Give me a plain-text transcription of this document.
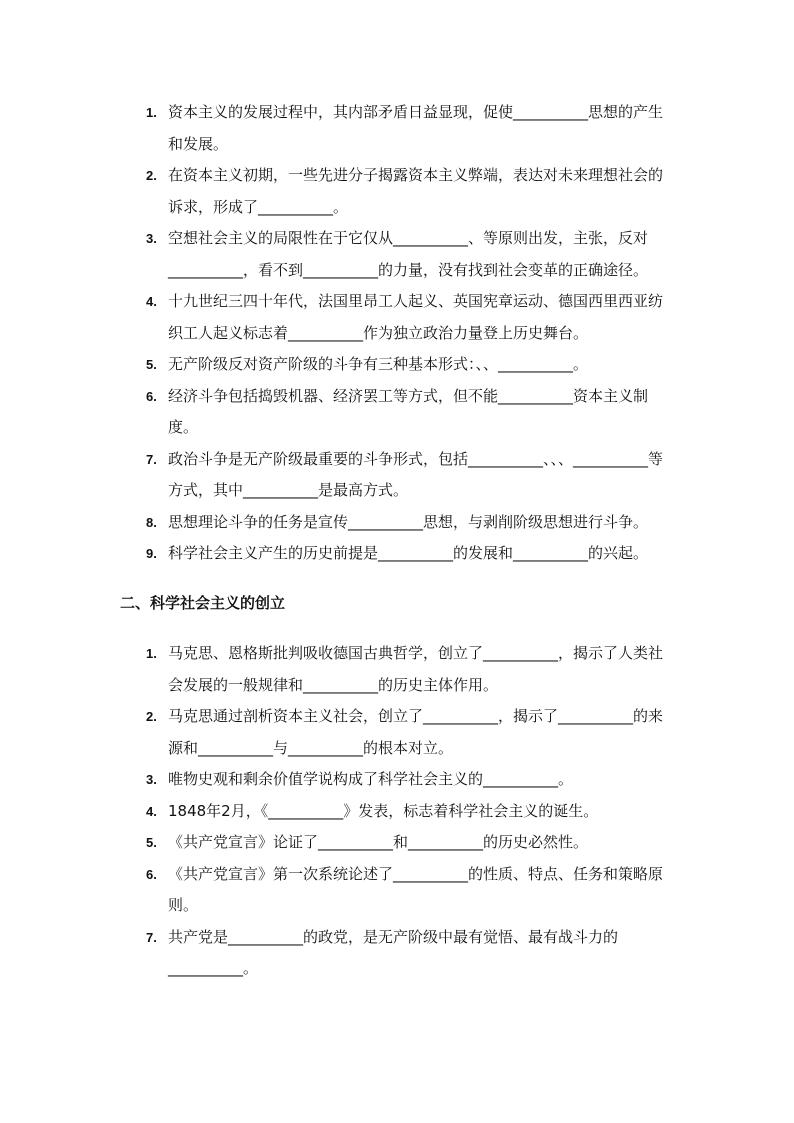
1. 资本主义的发展过程中，其内部矛盾日益显现，促使__________思想的产生和发展。
2. 在资本主义初期，一些先进分子揭露资本主义弊端，表达对未来理想社会的诉求，形成了__________。
3. 空想社会主义的局限性在于它仅从__________、等原则出发，主张，反对__________，看不到__________的力量，没有找到社会变革的正确途径。
4. 十九世纪三四十年代，法国里昂工人起义、英国宪章运动、德国西里西亚纺织工人起义标志着__________作为独立政治力量登上历史舞台。
5. 无产阶级反对资产阶级的斗争有三种基本形式：、、__________。
6. 经济斗争包括捣毁机器、经济罢工等方式，但不能__________资本主义制度。
7. 政治斗争是无产阶级最重要的斗争形式，包括__________、、、__________等方式，其中__________是最高方式。
8. 思想理论斗争的任务是宣传__________思想，与剥削阶级思想进行斗争。
9. 科学社会主义产生的历史前提是__________的发展和__________的兴起。
二、科学社会主义的创立
1. 马克思、恩格斯批判吸收德国古典哲学，创立了__________，揭示了人类社会发展的一般规律和__________的历史主体作用。
2. 马克思通过剖析资本主义社会，创立了__________，揭示了__________的来源和__________与__________的根本对立。
3. 唯物史观和剩余价值学说构成了科学社会主义的__________。
4. 1848年2月，《__________》发表，标志着科学社会主义的诞生。
5. 《共产党宣言》论证了__________和__________的历史必然性。
6. 《共产党宣言》第一次系统论述了__________的性质、特点、任务和策略原则。
7. 共产党是__________的政党，是无产阶级中最有觉悟、最有战斗力的__________。
